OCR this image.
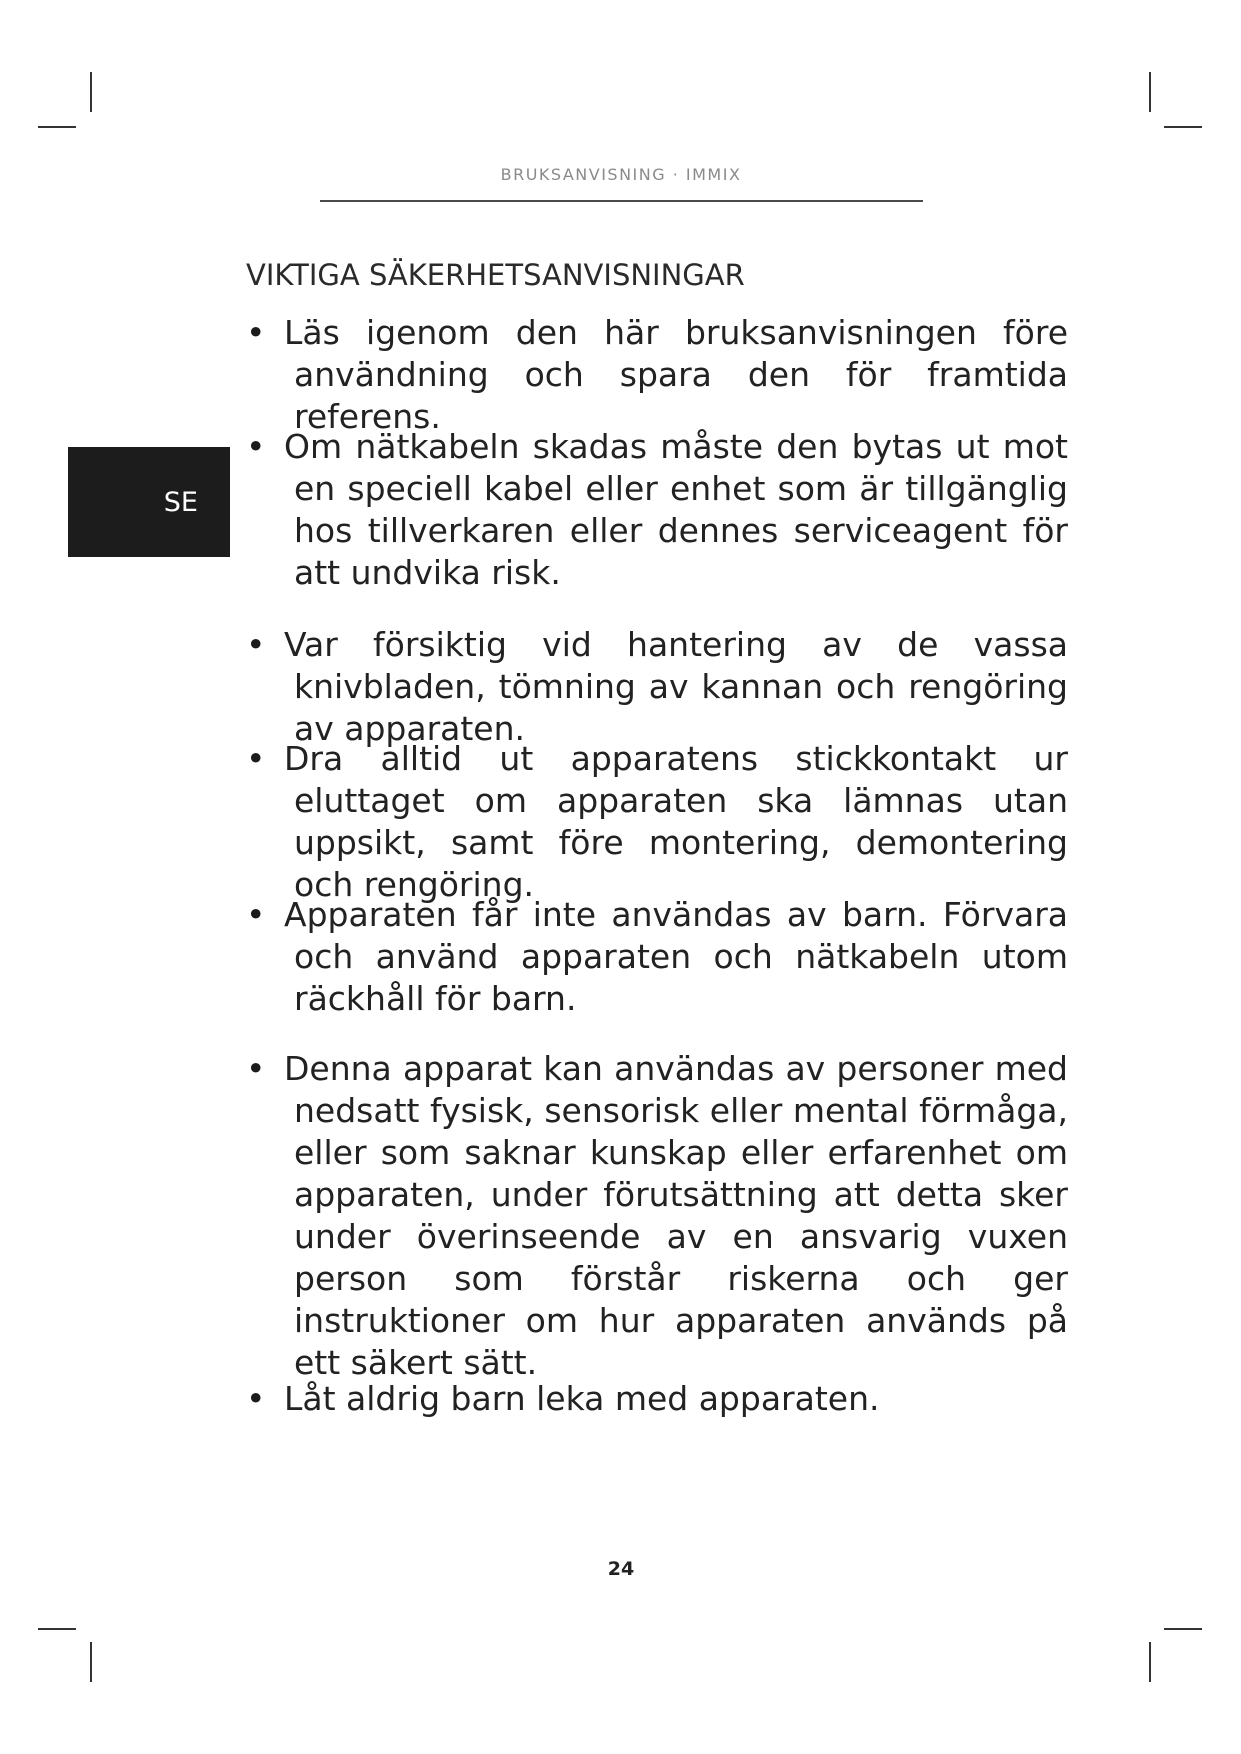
BRUKSANVISNING · IMMIX
SE
VIKTIGA SÄKERHETSANVISNINGAR
• Läs igenom den här bruksanvisningen före användning och spara den för framtida referens.

• Om nätkabeln skadas måste den bytas ut mot en speciell kabel eller enhet som är tillgänglig hos tillverkaren eller dennes serviceagent för att undvika risk.

• Var försiktig vid hantering av de vassa knivbladen, tömning av kannan och rengöring av apparaten.

• Dra alltid ut apparatens stickkontakt ur eluttaget om apparaten ska lämnas utan uppsikt, samt före montering, demontering och rengöring.

• Apparaten får inte användas av barn. Förvara och använd apparaten och nätkabeln utom räckhåll för barn.

• Denna apparat kan användas av personer med nedsatt fysisk, sensorisk eller mental förmåga, eller som saknar kunskap eller erfarenhet om apparaten, under förutsättning att detta sker under överinseende av en ansvarig vuxen person som förstår riskerna och ger instruktioner om hur apparaten används på ett säkert sätt.

• Låt aldrig barn leka med apparaten.

24
